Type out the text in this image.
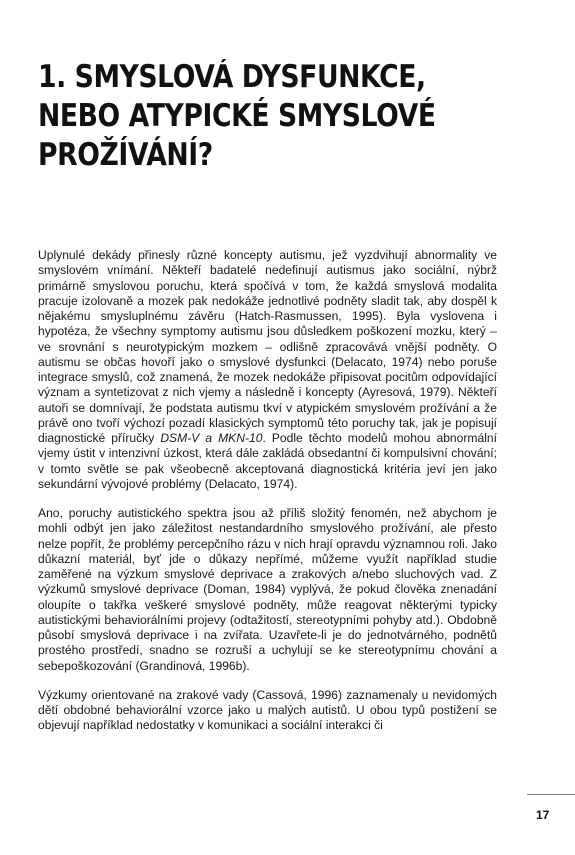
1. SMYSLOVÁ DYSFUNKCE,
NEBO ATYPICKÉ SMYSLOVÉ
PROŽÍVÁNÍ?

Uplynulé dekády přinesly různé koncepty autismu, jež vyzdvihují abnormality ve smyslovém vnímání. Někteří badatelé nedefinují autismus jako sociální, nýbrž primárně smyslovou poruchu, která spočívá v tom, že každá smyslová modalita pracuje izolovaně a mozek pak nedokáže jednotlivé podněty sladit tak, aby dospěl k nějakému smysluplnému závěru (Hatch-Rasmussen, 1995). Byla vyslovena i hypotéza, že všechny symptomy autismu jsou důsledkem poškození mozku, který – ve srovnání s neurotypickým mozkem – odlišně zpracovává vnější podněty. O autismu se občas hovoří jako o smyslové dysfunkci (Delacato, 1974) nebo poruše integrace smyslů, což znamená, že mozek nedokáže připisovat pocitům odpovídající význam a syntetizovat z nich vjemy a následně i koncepty (Ayresová, 1979). Někteří autoři se domnívají, že podstata autismu tkví v atypickém smyslovém prožívání a že právě ono tvoří výchozí pozadí klasických symptomů této poruchy tak, jak je popisují diagnostické příručky DSM-V a MKN-10. Podle těchto modelů mohou abnormální vjemy ústit v intenzivní úzkost, která dále zakládá obsedantní či kompulsivní chování; v tomto světle se pak všeobecně akceptovaná diagnostická kritéria jeví jen jako sekundární vývojové problémy (Delacato, 1974).

Ano, poruchy autistického spektra jsou až příliš složitý fenomén, než abychom je mohli odbýt jen jako záležitost nestandardního smyslového prožívání, ale přesto nelze popřít, že problémy percepčního rázu v nich hrají opravdu významnou roli. Jako důkazní materiál, byť jde o důkazy nepřímé, můžeme využít například studie zaměřené na výzkum smyslové deprivace a zrakových a/nebo sluchových vad. Z výzkumů smyslové deprivace (Doman, 1984) vyplývá, že pokud člověka znenadání oloupíte o takřka veškeré smyslové podněty, může reagovat některými typicky autistickými behaviorálními projevy (odtažitostí, stereotypními pohyby atd.). Obdobně působí smyslová deprivace i na zvířata. Uzavřete-li je do jednotvárného, podnětů prostého prostředí, snadno se rozruší a uchylují se ke stereotypnímu chování a sebepoškozování (Grandinová, 1996b).

Výzkumy orientované na zrakové vady (Cassová, 1996) zaznamenaly u nevidomých dětí obdobné behaviorální vzorce jako u malých autistů. U obou typů postižení se objevují například nedostatky v komunikaci a sociální interakci či

17
